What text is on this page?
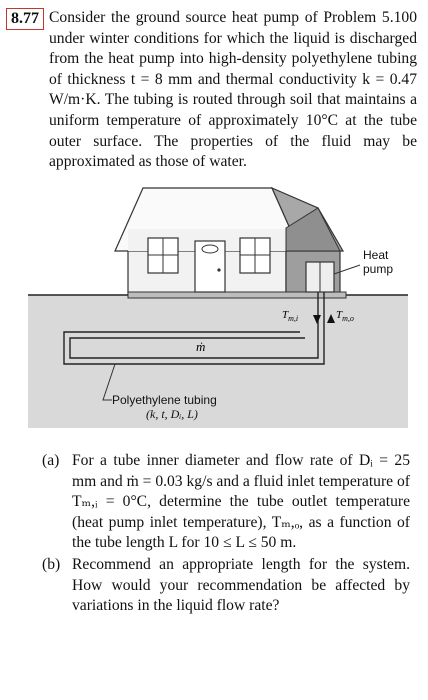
8.77 Consider the ground source heat pump of Problem 5.100 under winter conditions for which the liquid is discharged from the heat pump into high-density polyethylene tubing of thickness t = 8 mm and thermal conductivity k = 0.47 W/m·K. The tubing is routed through soil that maintains a uniform temperature of approximately 10°C at the tube outer surface. The properties of the fluid may be approximated as those of water.

Heat
pump
$T_{m,i}$	$T_{m,o}$
ṁ
Polyethylene tubing
(k, t, Dᵢ, L)
(a) For a tube inner diameter and flow rate of Dᵢ = 25 mm and ṁ = 0.03 kg/s and a fluid inlet temperature of Tₘ,ᵢ = 0°C, determine the tube outlet temperature (heat pump inlet temperature), Tₘ,ₒ, as a function of the tube length L for 10 ≤ L ≤ 50 m.
(b) Recommend an appropriate length for the system. How would your recommendation be affected by variations in the liquid flow rate?
